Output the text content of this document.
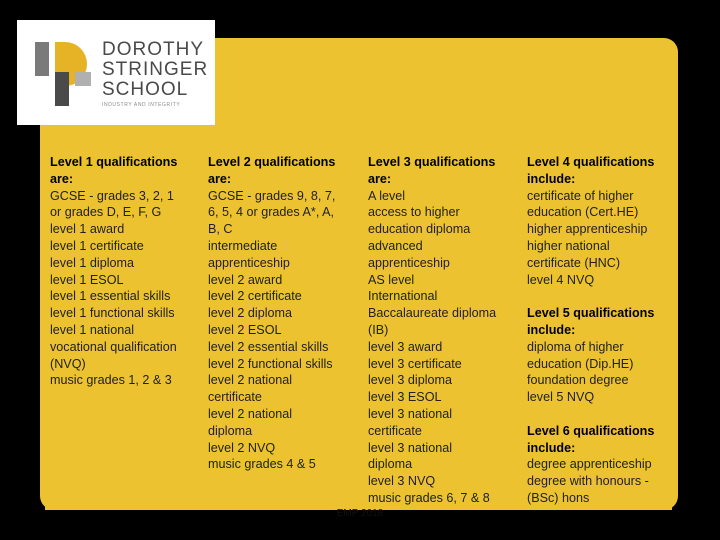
DOROTHY
STRINGER
SCHOOL
INDUSTRY AND INTEGRITY
Level 1 qualifications
are:
GCSE - grades 3, 2, 1
or grades D, E, F, G
level 1 award
level 1 certificate
level 1 diploma
level 1 ESOL
level 1 essential skills
level 1 functional skills
level 1 national
vocational qualification
(NVQ)
music grades 1, 2 & 3
Level 2 qualifications
are:
GCSE - grades 9, 8, 7,
6, 5, 4 or grades A*, A,
B, C
intermediate
apprenticeship
level 2 award
level 2 certificate
level 2 diploma
level 2 ESOL
level 2 essential skills
level 2 functional skills
level 2 national
certificate
level 2 national
diploma
level 2 NVQ
music grades 4 & 5
Level 3 qualifications
are:
A level
access to higher
education diploma
advanced
apprenticeship
AS level
International
Baccalaureate diploma
(IB)
level 3 award
level 3 certificate
level 3 diploma
level 3 ESOL
level 3 national
certificate
level 3 national
diploma
level 3 NVQ
music grades 6, 7 & 8
Level 4 qualifications
include:
certificate of higher
education (Cert.HE)
higher apprenticeship
higher national
certificate (HNC)
level 4 NVQ
Level 5 qualifications
include:
diploma of higher
education (Dip.HE)
foundation degree
level 5 NVQ
Level 6 qualifications
include:
degree apprenticeship
degree with honours -
(BSc) hons
EMP 2018
